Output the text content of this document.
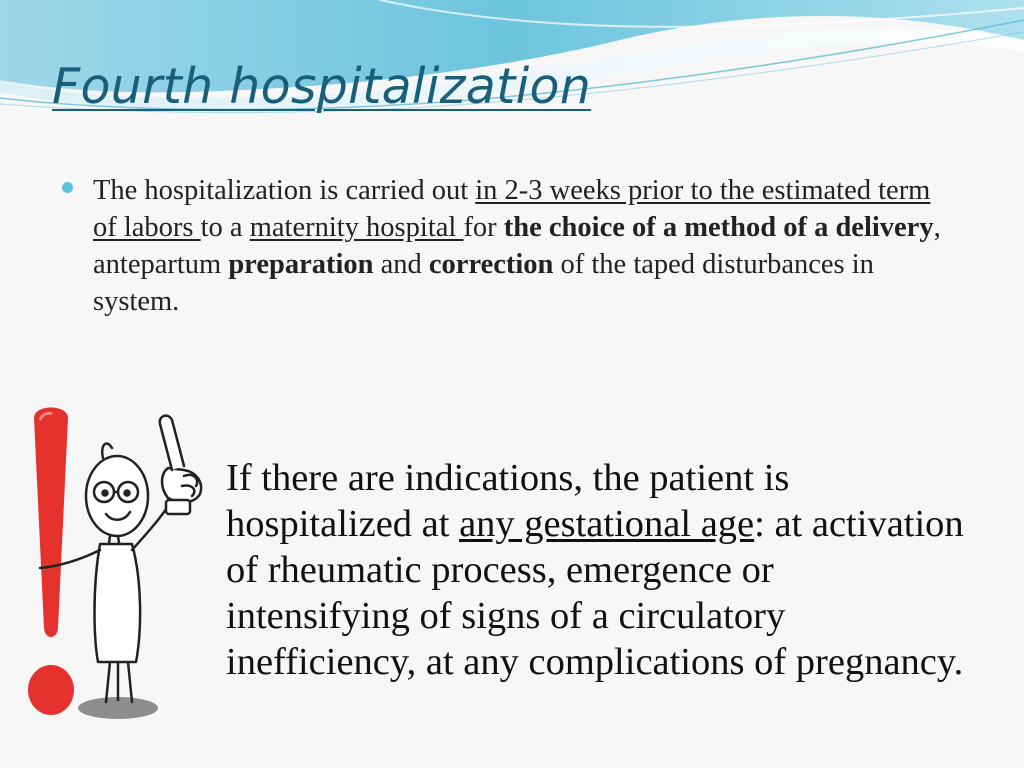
Fourth hospitalization

The hospitalization is carried out in 2-3 weeks prior to the estimated term of labors to a maternity hospital for the choice of a method of a delivery, antepartum preparation and correction of the taped disturbances in system.

If there are indications, the patient is hospitalized at any gestational age: at activation of rheumatic process, emergence or intensifying of signs of a circulatory inefficiency, at any complications of pregnancy.
